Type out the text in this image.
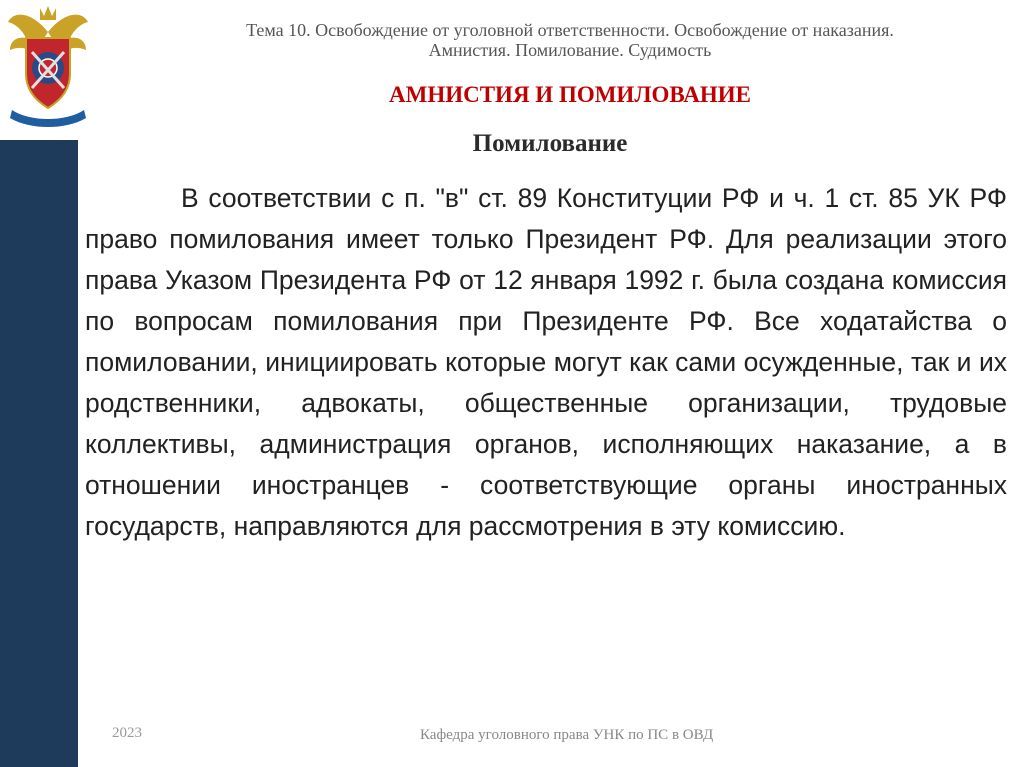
Тема 10. Освобождение от уголовной ответственности. Освобождение от наказания.
Амнистия. Помилование. Судимость
АМНИСТИЯ И ПОМИЛОВАНИЕ
Помилование

В соответствии с п. "в" ст. 89 Конституции РФ и ч. 1 ст. 85 УК РФ право помилования имеет только Президент РФ. Для реализации этого права Указом Президента РФ от 12 января 1992 г. была создана комиссия по вопросам помилования при Президенте РФ. Все ходатайства о помиловании, инициировать которые могут как сами осужденные, так и их родственники, адвокаты, общественные организации, трудовые коллективы, администрация органов, исполняющих наказание, а в отношении иностранцев - соответствующие органы иностранных государств, направляются для рассмотрения в эту комиссию.

2023	Кафедра уголовного права УНК по ПС в ОВД
